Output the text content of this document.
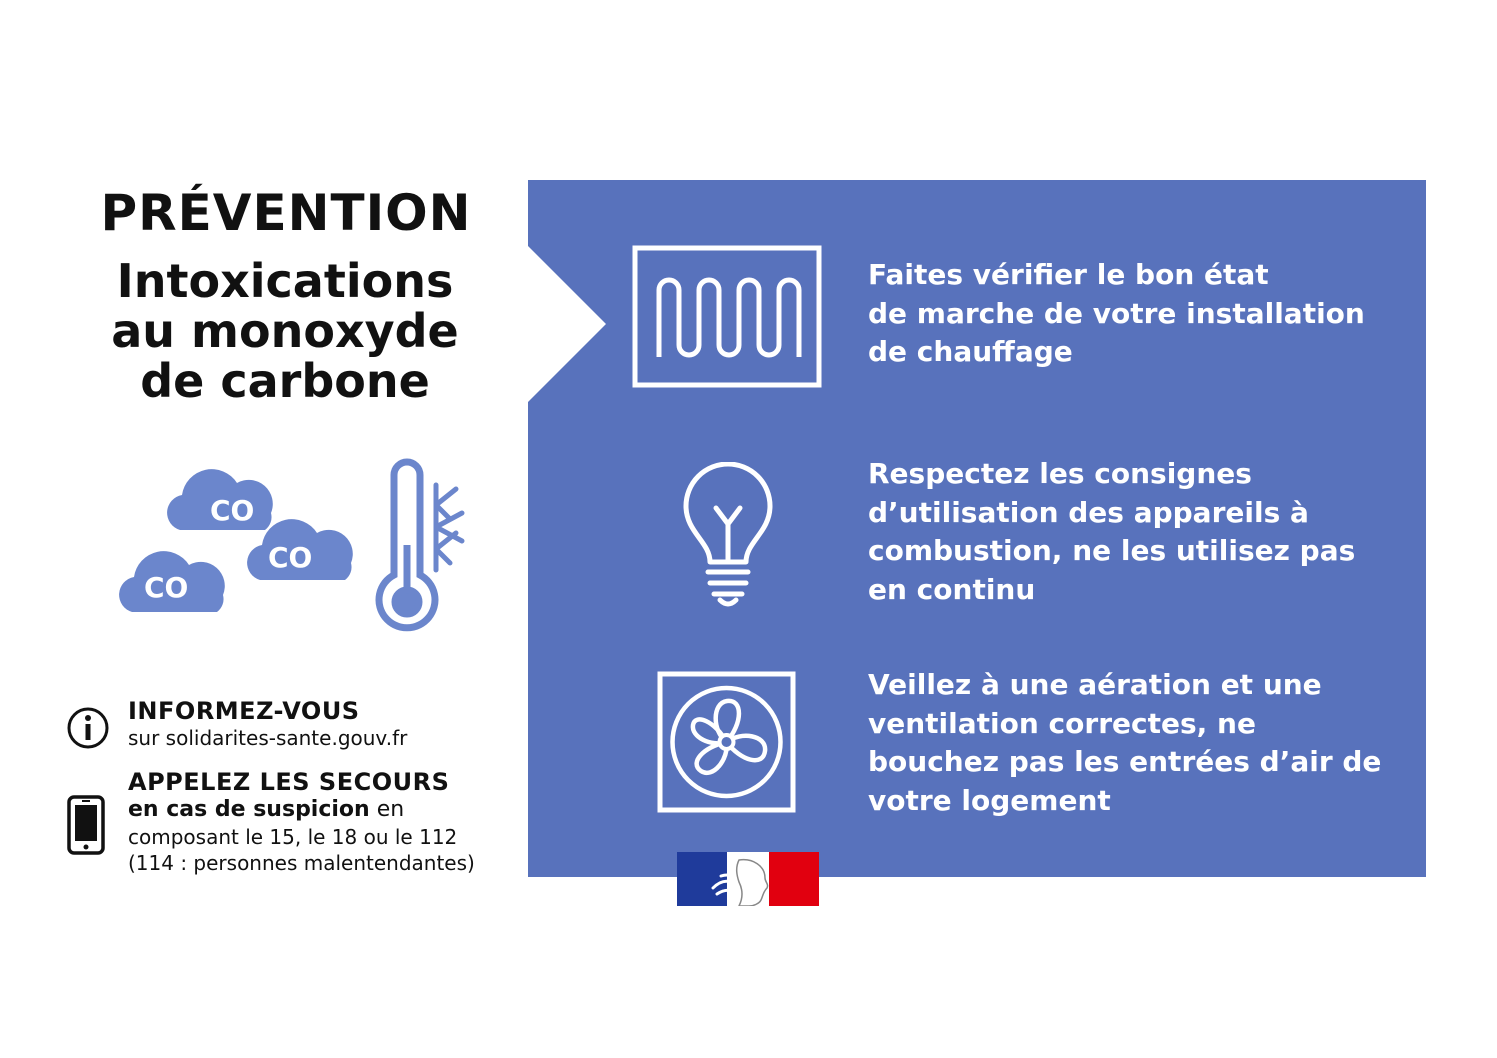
PRÉVENTION
Intoxications
au monoxyde
de carbone
CO
CO
CO
INFORMEZ-VOUS
sur solidarites-sante.gouv.fr
APPELEZ LES SECOURS
en cas de suspicion en
composant le 15, le 18 ou le 112
(114 : personnes malentendantes)
Faites vérifier le bon état
de marche de votre installation
de chauffage
Respectez les consignes
d’utilisation des appareils à
combustion, ne les utilisez pas
en continu
Veillez à une aération et une
ventilation correctes, ne
bouchez pas les entrées d’air de
votre logement
